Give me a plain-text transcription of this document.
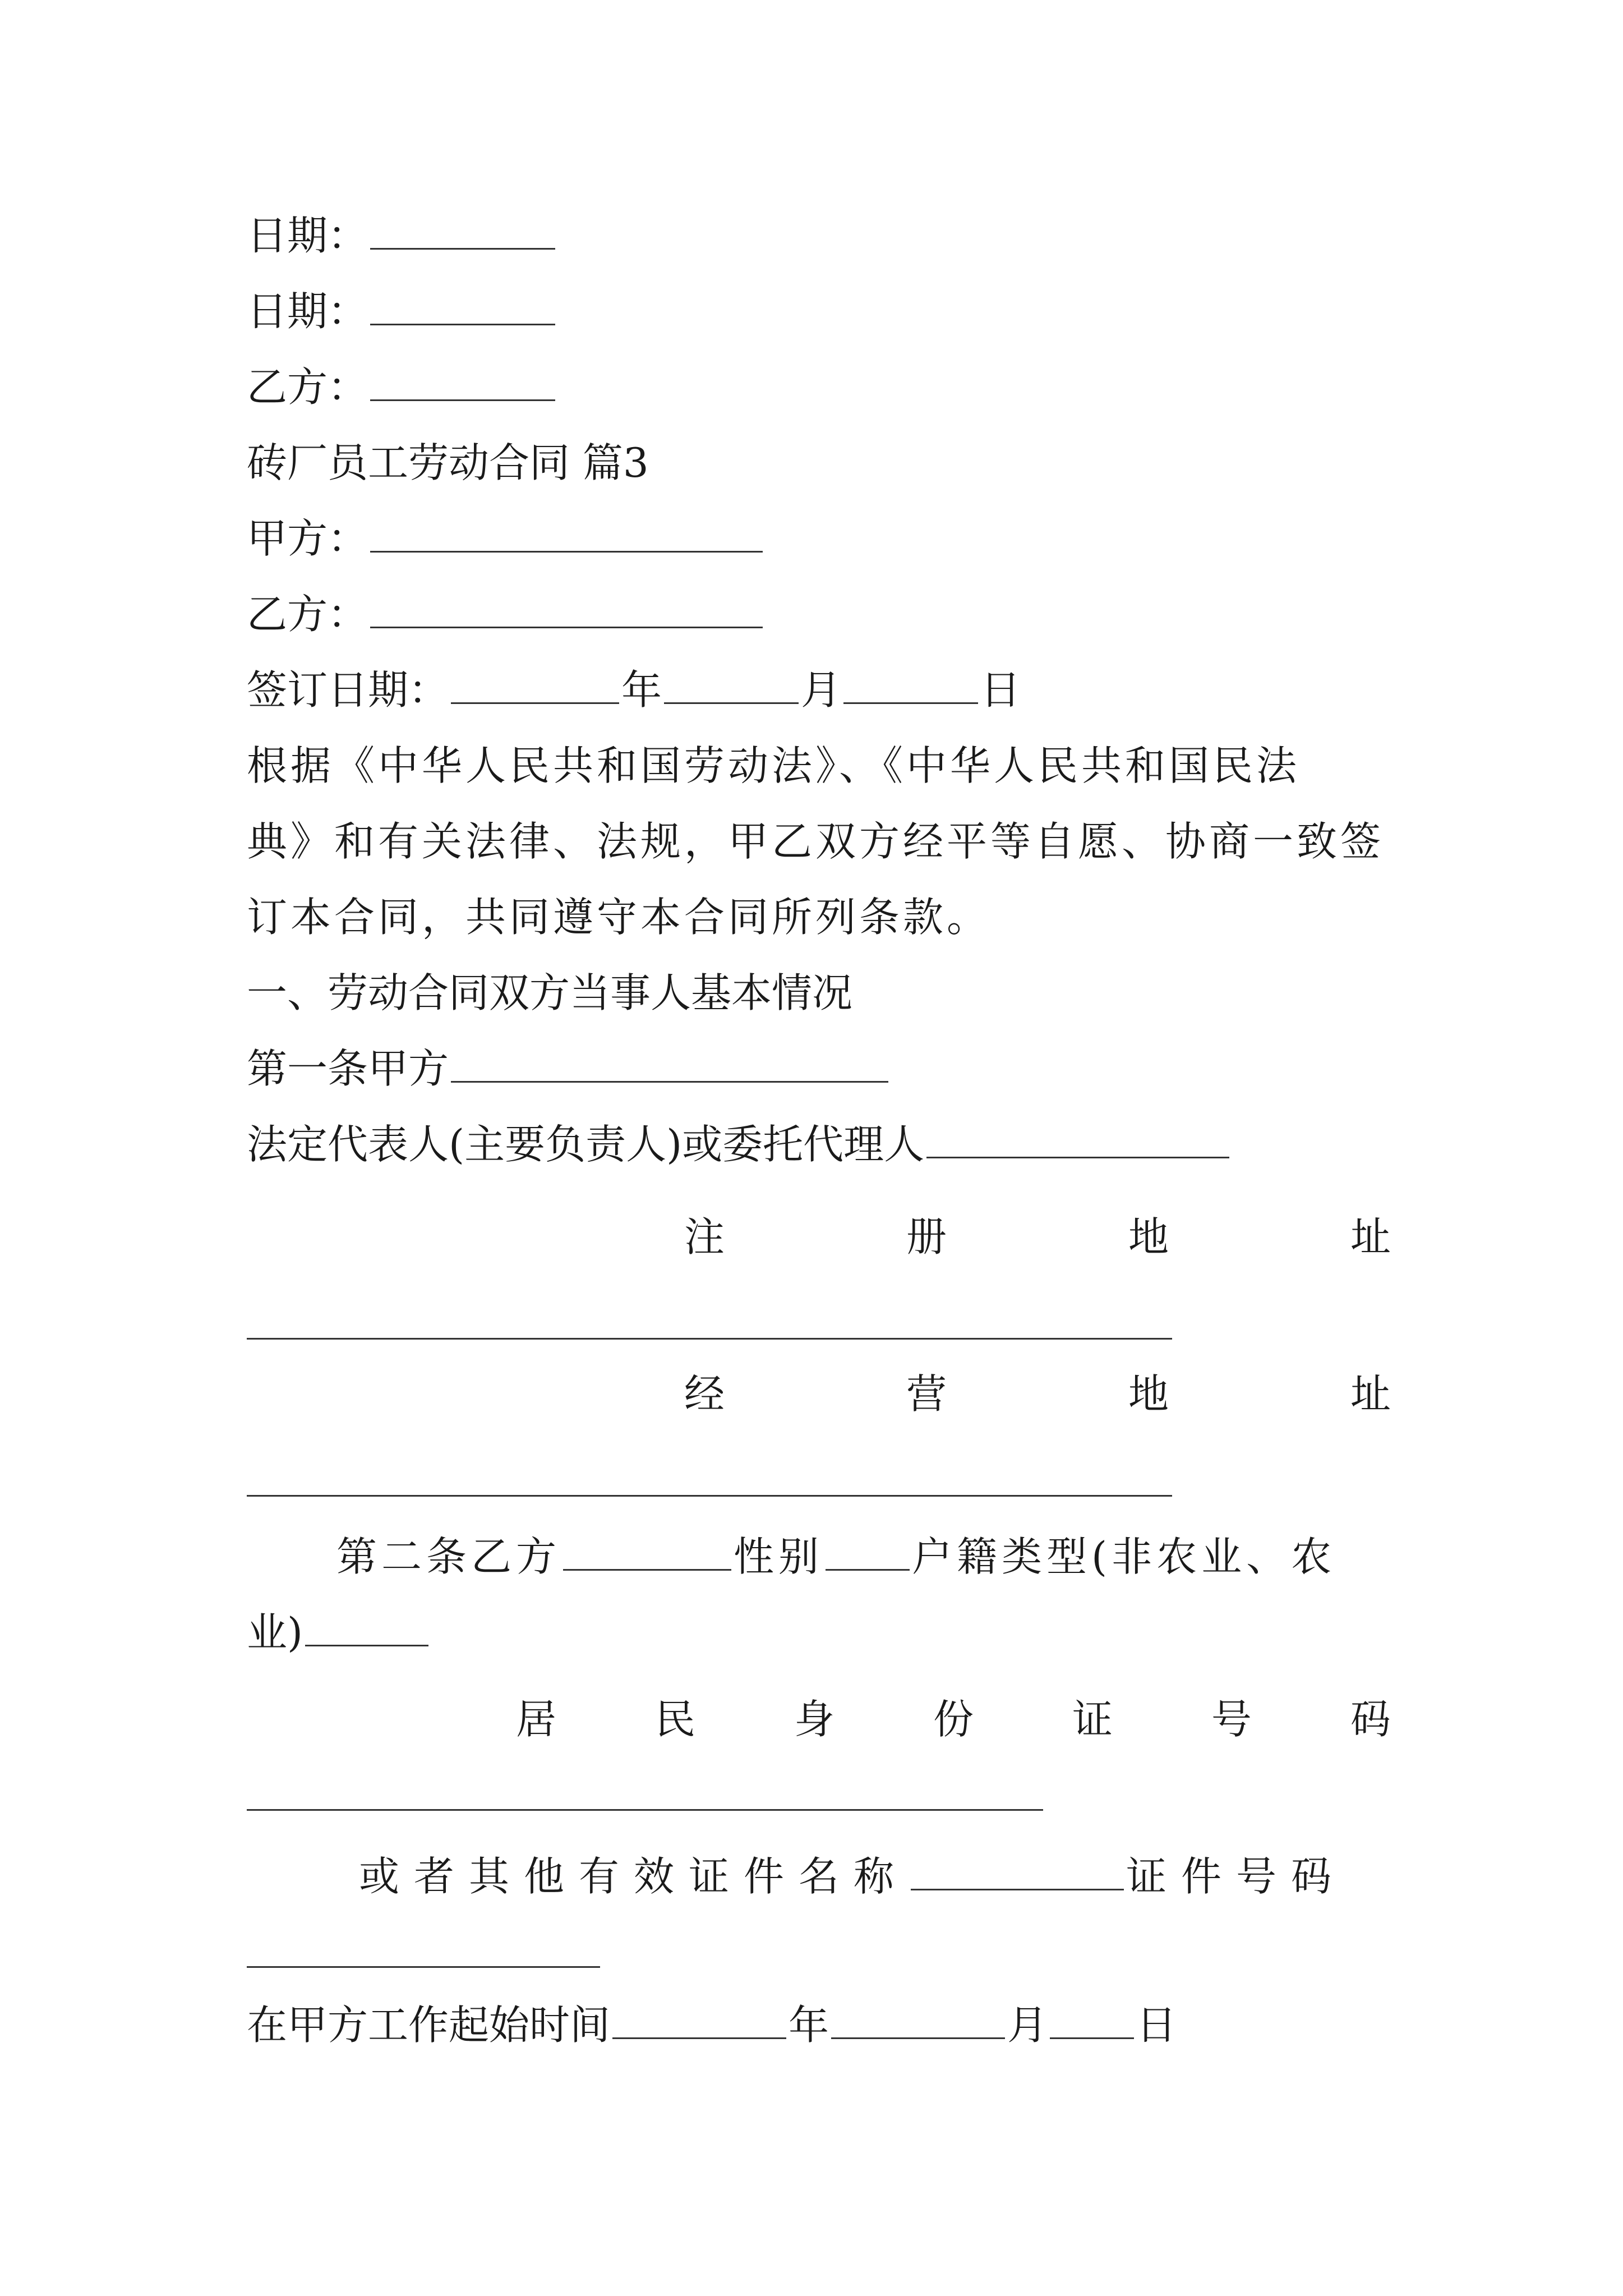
日期：
日期：
乙方：
砖厂员工劳动合同 篇3
甲方：
乙方：
签订日期：	年	月	日
根据《中华人民共和国劳动法》、《中华人民共和国民法
典》和有关法律、法规，甲乙双方经平等自愿、协商一致签
订本合同，共同遵守本合同所列条款。
一、劳动合同双方当事人基本情况
第一条甲方
法定代表人(主要负责人)或委托代理人
注	册	地	址
经	营	地	址
第二条乙方	性别 户籍类型(非农业、农
业)
居 民 身 份 证 号 码
或者其他有效证件名称	证件号码
在甲方工作起始时间	年	月 日
